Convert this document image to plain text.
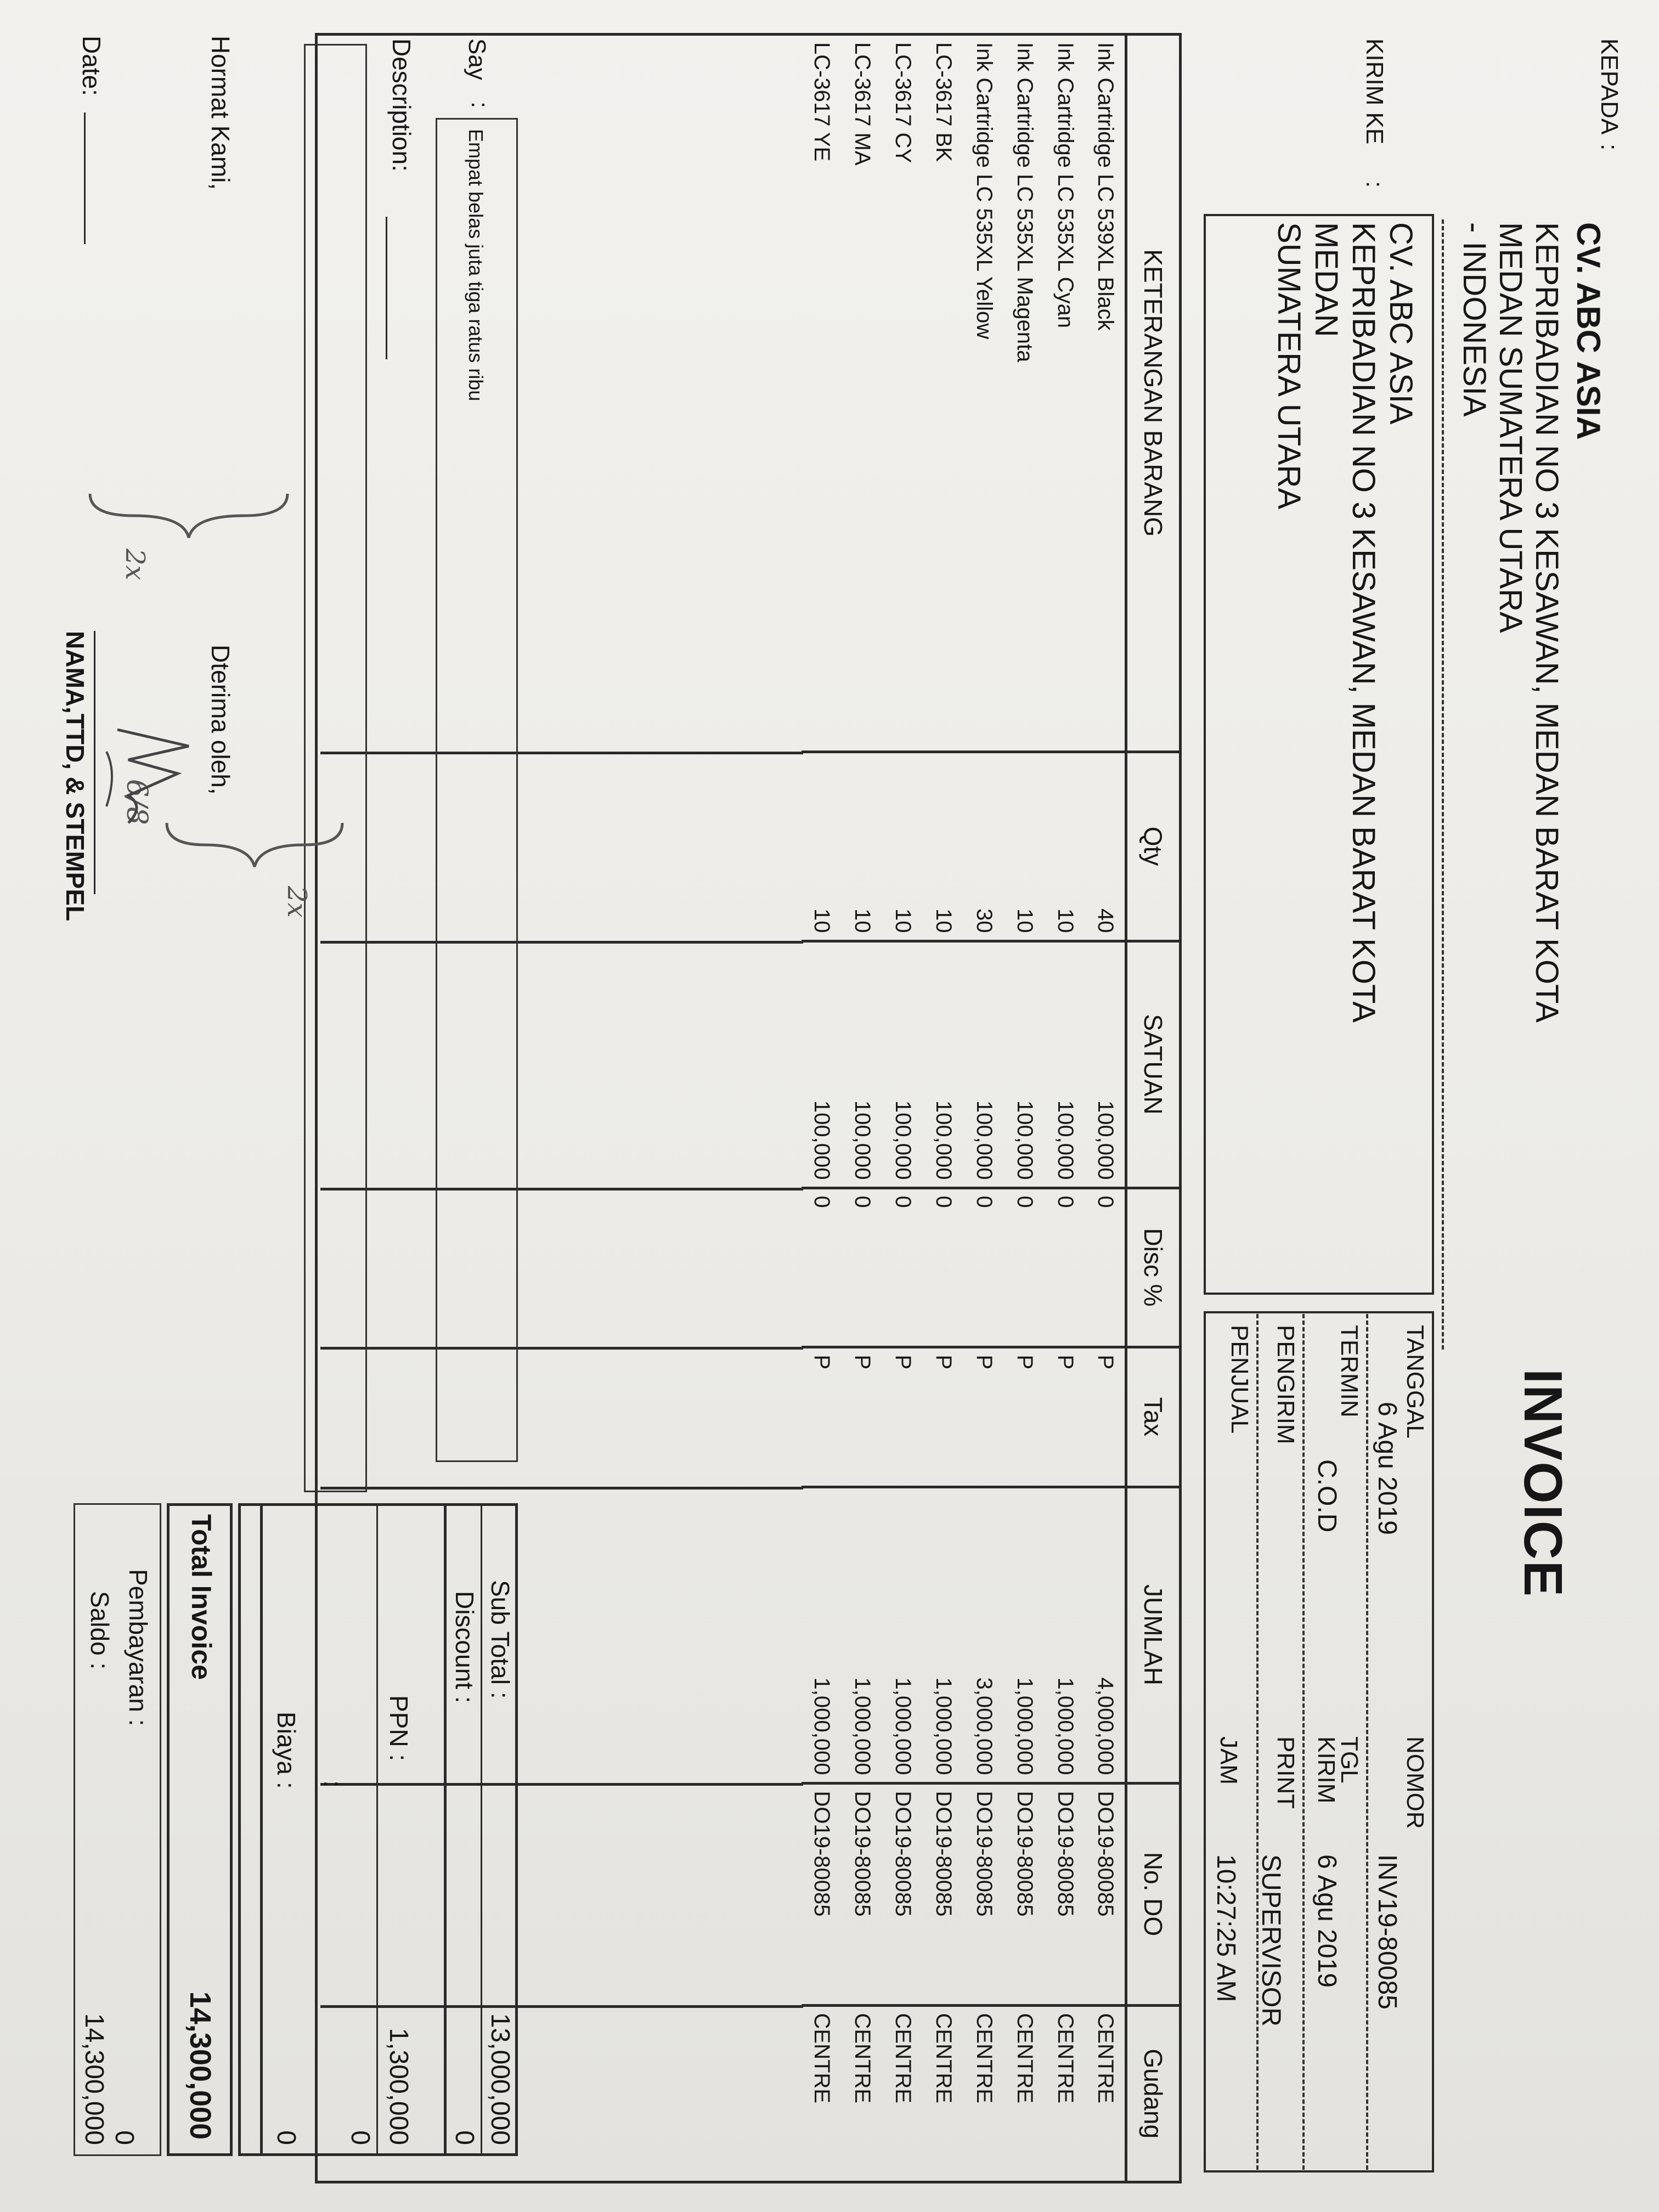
INVOICE
KEPADA
:
CV. ABC ASIA
KEPRIBADIAN NO 3 KESAWAN, MEDAN BARAT KOTA
MEDAN SUMATERA UTARA
- INDONESIA
KIRIM KE
:
CV. ABC ASIA
KEPRIBADIAN NO 3 KESAWAN, MEDAN BARAT KOTA
MEDAN
SUMATERA UTARA
TANGGAL
6 Agu 2019
NOMOR
INV19-80085
TERMIN
C.O.D
TGL
KIRIM
6 Agu 2019
PENGIRIM
PRINT
SUPERVISOR
PENJUAL
JAM
10:27:25 AM
KETERANGAN BARANG	Qty	SATUAN	Disc %	Tax	JUMLAH	No. DO	Gudang
Ink Cartridge LC 539XL Black	40	100,000	0	P	4,000,000	DO19-80085	CENTRE
Ink Cartridge LC 535XL Cyan	10	100,000	0	P	1,000,000	DO19-80085	CENTRE
Ink Cartridge LC 535XL Magenta	10	100,000	0	P	1,000,000	DO19-80085	CENTRE
Ink Cartridge LC 535XL Yellow	30	100,000	0	P	3,000,000	DO19-80085	CENTRE
LC-3617 BK	10	100,000	0	P	1,000,000	DO19-80085	CENTRE
LC-3617 CY	10	100,000	0	P	1,000,000	DO19-80085	CENTRE
LC-3617 MA	10	100,000	0	P	1,000,000	DO19-80085	CENTRE
LC-3617 YE	10	100,000	0	P	1,000,000	DO19-80085	CENTRE
Say
:
Empat belas juta tiga ratus ribu
Description:
Sub Total :
13,000,000
Discount :
0
PPN :
1,300,000
0
:
Biaya :
0
Total Invoice
14,300,000
Pembayaran :
0
Saldo :
14,300,000
Hormat Kami,
Date:
Dterima oleh,
NAMA,TTD, & STEMPEL	2x
2x
6/8
